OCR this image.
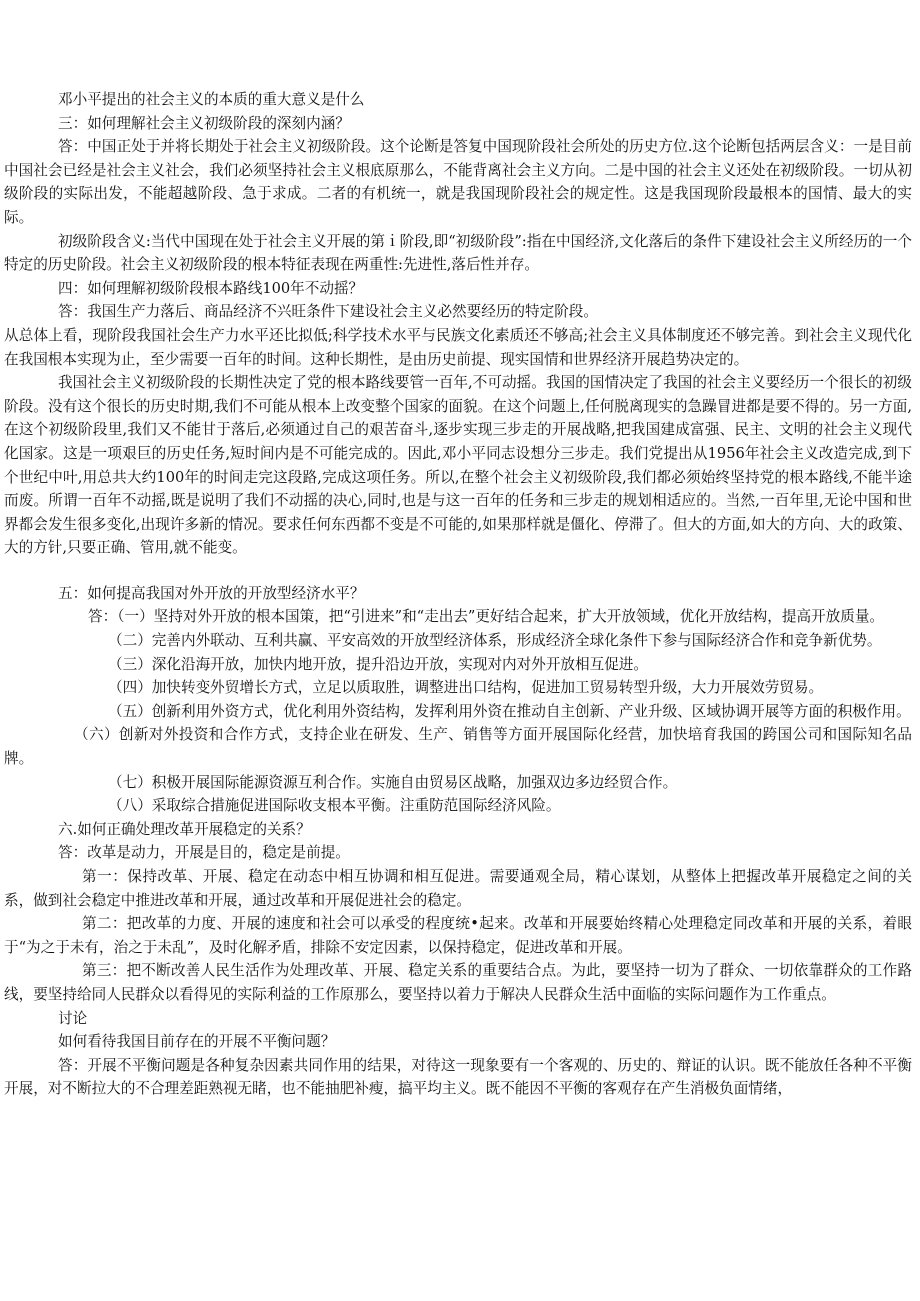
邓小平提出的社会主义的本质的重大意义是什么

三：如何理解社会主义初级阶段的深刻内涵？

答：中国正处于并将长期处于社会主义初级阶段。这个论断是答复中国现阶段社会所处的历史方位.这个论断包括两层含义：一是目前中国社会已经是社会主义社会，我们必须坚持社会主义根底原那么，不能背离社会主义方向。二是中国的社会主义还处在初级阶段。一切从初级阶段的实际出发，不能超越阶段、急于求成。二者的有机统一，就是我国现阶段社会的规定性。这是我国现阶段最根本的国情、最大的实际。

初级阶段含义:当代中国现在处于社会主义开展的第ｉ阶段,即“初级阶段”:指在中国经济,文化落后的条件下建设社会主义所经历的一个特定的历史阶段。社会主义初级阶段的根本特征表现在两重性:先进性,落后性并存。

四：如何理解初级阶段根本路线100年不动摇？

答：我国生产力落后、商品经济不兴旺条件下建设社会主义必然要经历的特定阶段。

从总体上看，现阶段我国社会生产力水平还比拟低;科学技术水平与民族文化素质还不够高;社会主义具体制度还不够完善。到社会主义现代化在我国根本实现为止，至少需要一百年的时间。这种长期性，是由历史前提、现实国情和世界经济开展趋势决定的。

我国社会主义初级阶段的长期性决定了党的根本路线要管一百年,不可动摇。我国的国情决定了我国的社会主义要经历一个很长的初级阶段。没有这个很长的历史时期,我们不可能从根本上改变整个国家的面貌。在这个问题上,任何脱离现实的急躁冒进都是要不得的。另一方面,在这个初级阶段里,我们又不能甘于落后,必须通过自己的艰苦奋斗,逐步实现三步走的开展战略,把我国建成富强、民主、文明的社会主义现代化国家。这是一项艰巨的历史任务,短时间内是不可能完成的。因此,邓小平同志设想分三步走。我们党提出从1956年社会主义改造完成,到下个世纪中叶,用总共大约100年的时间走完这段路,完成这项任务。所以,在整个社会主义初级阶段,我们都必须始终坚持党的根本路线,不能半途而废。所谓一百年不动摇,既是说明了我们不动摇的决心,同时,也是与这一百年的任务和三步走的规划相适应的。当然,一百年里,无论中国和世界都会发生很多变化,出现许多新的情况。要求任何东西都不变是不可能的,如果那样就是僵化、停滞了。但大的方面,如大的方向、大的政策、大的方针,只要正确、管用,就不能变。

五：如何提高我国对外开放的开放型经济水平？

答：（一）坚持对外开放的根本国策，把“引进来”和“走出去”更好结合起来，扩大开放领域，优化开放结构，提高开放质量。

（二）完善内外联动、互利共赢、平安高效的开放型经济体系，形成经济全球化条件下参与国际经济合作和竞争新优势。

（三）深化沿海开放，加快内地开放，提升沿边开放，实现对内对外开放相互促进。

（四）加快转变外贸增长方式，立足以质取胜，调整进出口结构，促进加工贸易转型升级，大力开展效劳贸易。

（五）创新利用外资方式，优化利用外资结构，发挥利用外资在推动自主创新、产业升级、区域协调开展等方面的积极作用。

（六）创新对外投资和合作方式，支持企业在研发、生产、销售等方面开展国际化经营，加快培育我国的跨国公司和国际知名品牌。

（七）积极开展国际能源资源互利合作。实施自由贸易区战略，加强双边多边经贸合作。

（八）采取综合措施促进国际收支根本平衡。注重防范国际经济风险。

六.如何正确处理改革开展稳定的关系？

答：改革是动力，开展是目的，稳定是前提。

第一：保持改革、开展、稳定在动态中相互协调和相互促进。需要通观全局，精心谋划，从整体上把握改革开展稳定之间的关系，做到社会稳定中推进改革和开展，通过改革和开展促进社会的稳定。

第二：把改革的力度、开展的速度和社会可以承受的程度统•起来。改革和开展要始终精心处理稳定同改革和开展的关系，着眼于“为之于未有，治之于未乱”，及时化解矛盾，排除不安定因素，以保持稳定，促进改革和开展。

第三：把不断改善人民生活作为处理改革、开展、稳定关系的重要结合点。为此，要坚持一切为了群众、一切依靠群众的工作路线，要坚持给同人民群众以看得见的实际利益的工作原那么，要坚持以着力于解决人民群众生活中面临的实际问题作为工作重点。

讨论

如何看待我国目前存在的开展不平衡问题？

答：开展不平衡问题是各种复杂因素共同作用的结果，对待这一现象要有一个客观的、历史的、辩证的认识。既不能放任各种不平衡开展，对不断拉大的不合理差距熟视无睹，也不能抽肥补瘦，搞平均主义。既不能因不平衡的客观存在产生消极负面情绪，
